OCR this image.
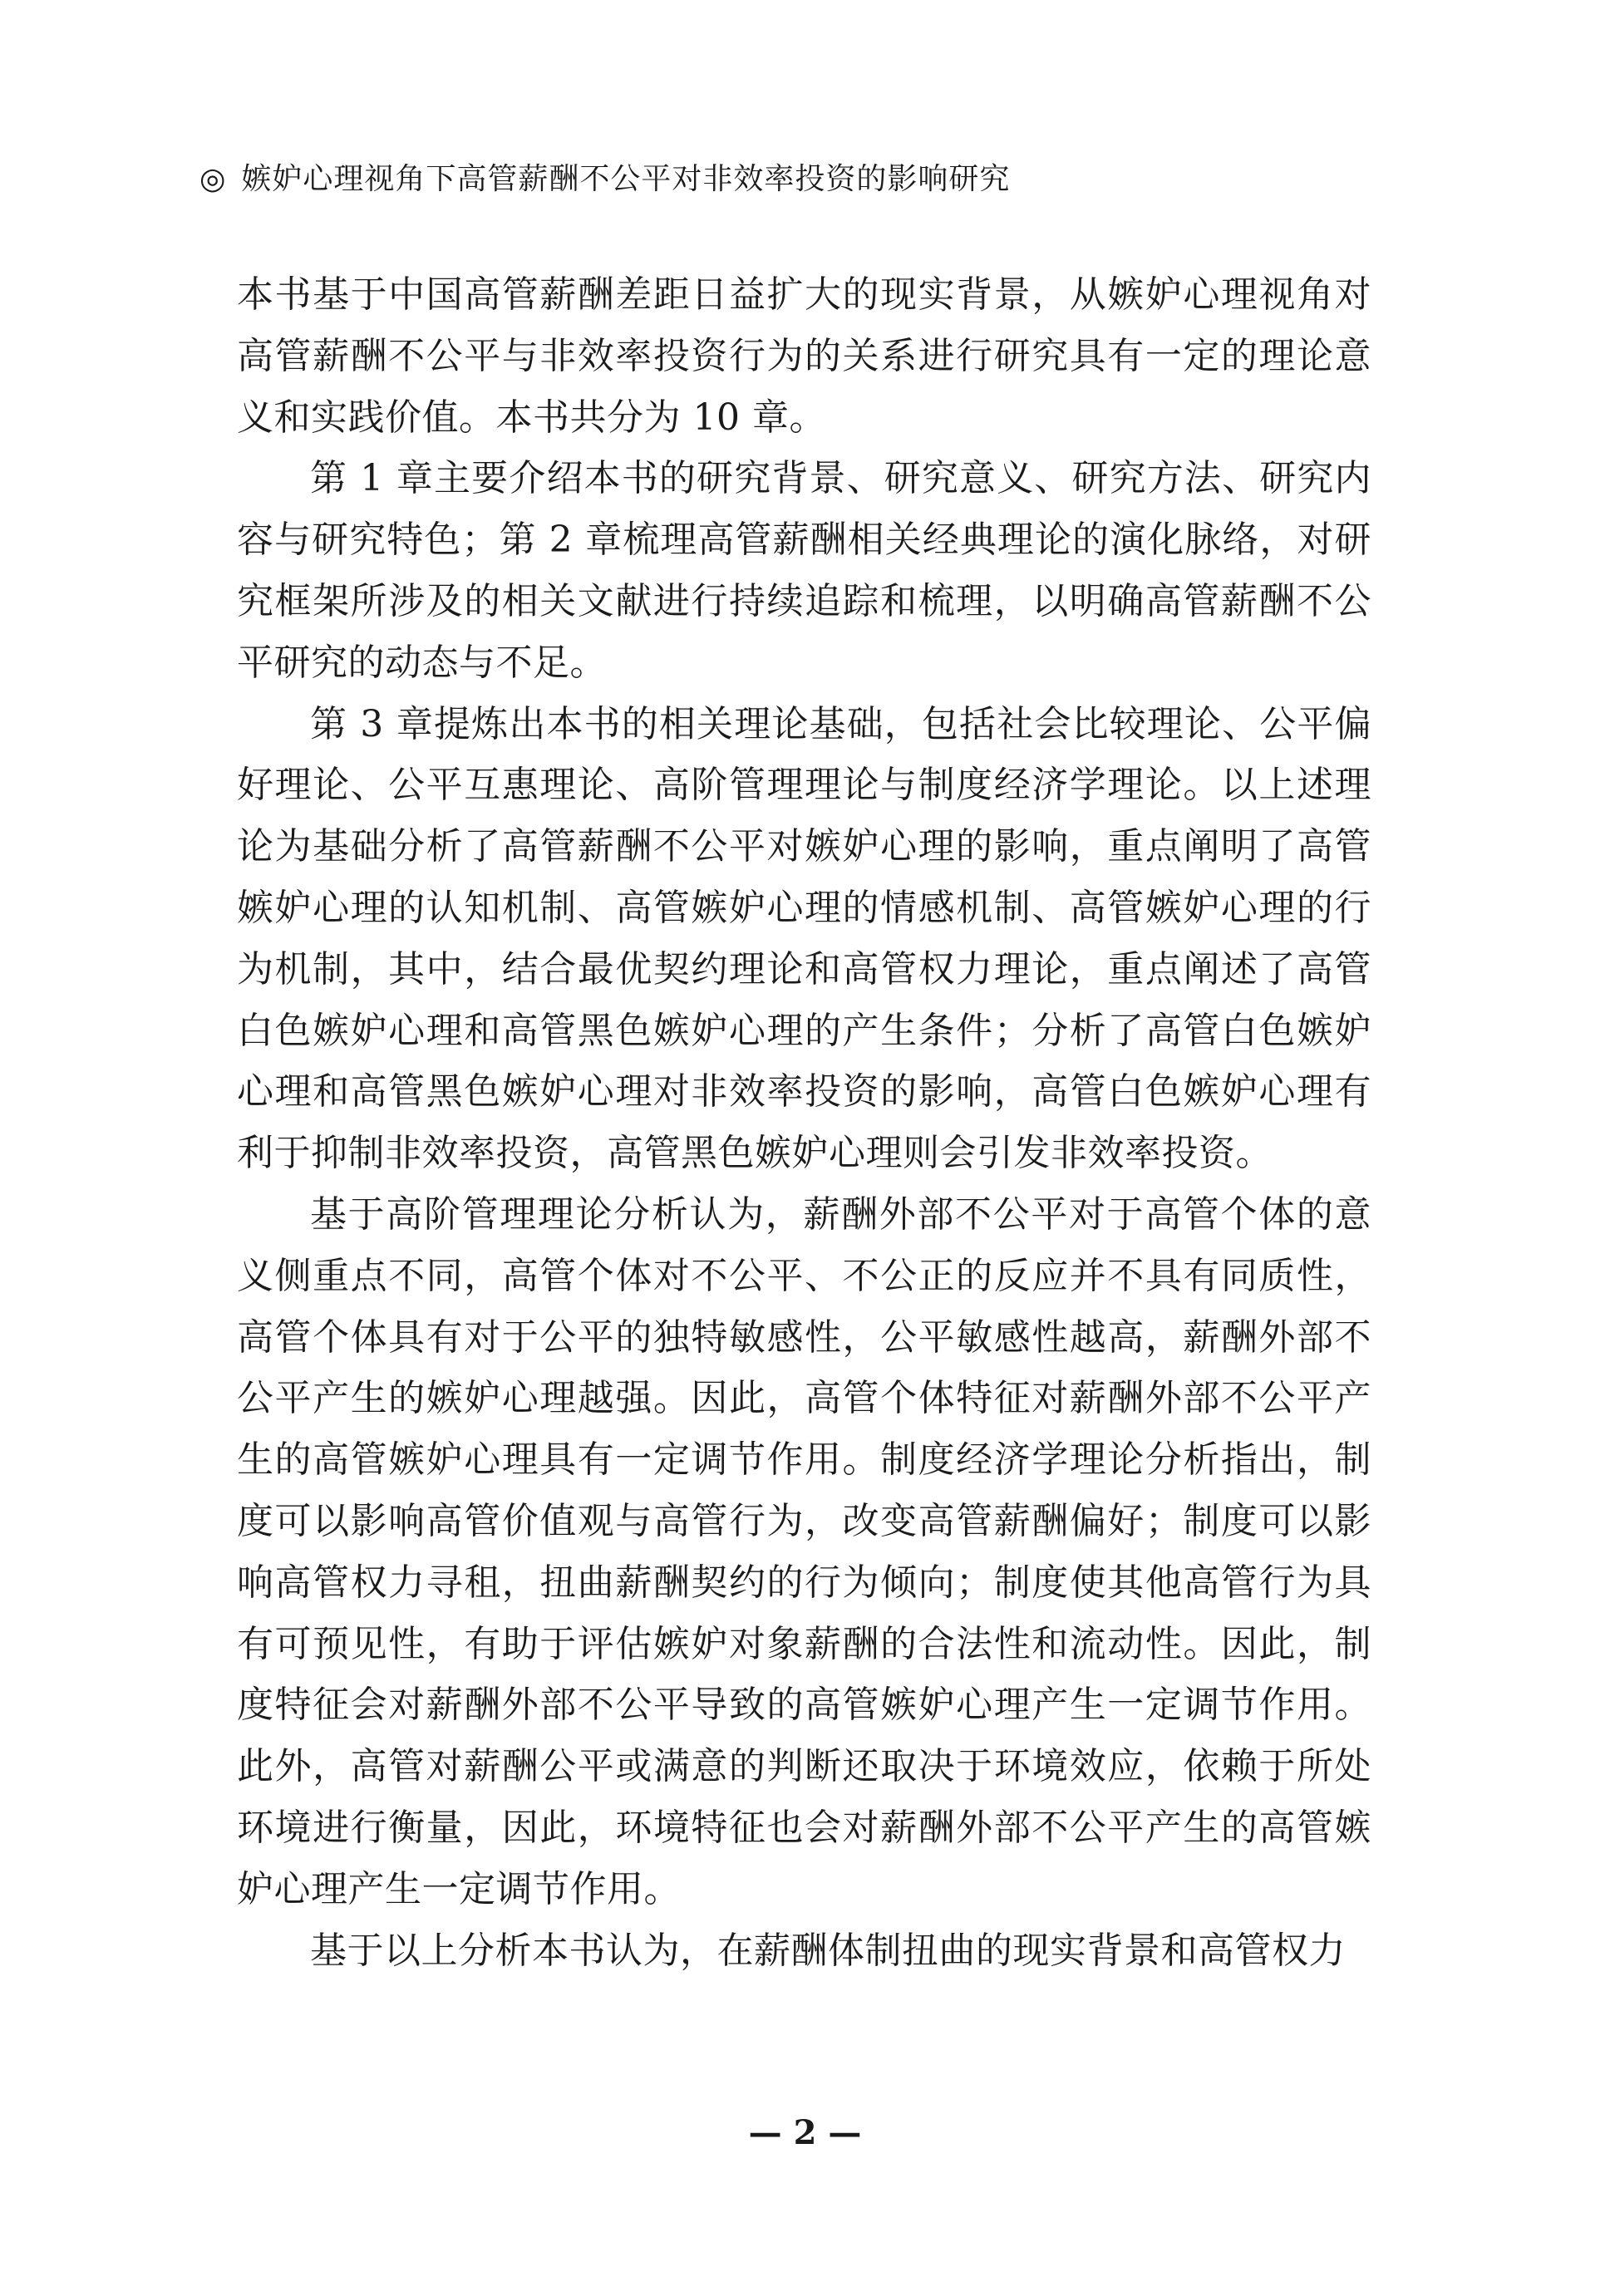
◎ 嫉妒心理视角下高管薪酬不公平对非效率投资的影响研究

本书基于中国高管薪酬差距日益扩大的现实背景，从嫉妒心理视角对高管薪酬不公平与非效率投资行为的关系进行研究具有一定的理论意义和实践价值。本书共分为 10 章。

第 1 章主要介绍本书的研究背景、研究意义、研究方法、研究内容与研究特色；第 2 章梳理高管薪酬相关经典理论的演化脉络，对研究框架所涉及的相关文献进行持续追踪和梳理，以明确高管薪酬不公平研究的动态与不足。

第 3 章提炼出本书的相关理论基础，包括社会比较理论、公平偏好理论、公平互惠理论、高阶管理理论与制度经济学理论。以上述理论为基础分析了高管薪酬不公平对嫉妒心理的影响，重点阐明了高管嫉妒心理的认知机制、高管嫉妒心理的情感机制、高管嫉妒心理的行为机制，其中，结合最优契约理论和高管权力理论，重点阐述了高管白色嫉妒心理和高管黑色嫉妒心理的产生条件；分析了高管白色嫉妒心理和高管黑色嫉妒心理对非效率投资的影响，高管白色嫉妒心理有利于抑制非效率投资，高管黑色嫉妒心理则会引发非效率投资。

基于高阶管理理论分析认为，薪酬外部不公平对于高管个体的意义侧重点不同，高管个体对不公平、不公正的反应并不具有同质性，高管个体具有对于公平的独特敏感性，公平敏感性越高，薪酬外部不公平产生的嫉妒心理越强。因此，高管个体特征对薪酬外部不公平产生的高管嫉妒心理具有一定调节作用。制度经济学理论分析指出，制度可以影响高管价值观与高管行为，改变高管薪酬偏好；制度可以影响高管权力寻租，扭曲薪酬契约的行为倾向；制度使其他高管行为具有可预见性，有助于评估嫉妒对象薪酬的合法性和流动性。因此，制度特征会对薪酬外部不公平导致的高管嫉妒心理产生一定调节作用。此外，高管对薪酬公平或满意的判断还取决于环境效应，依赖于所处环境进行衡量，因此，环境特征也会对薪酬外部不公平产生的高管嫉妒心理产生一定调节作用。

基于以上分析本书认为，在薪酬体制扭曲的现实背景和高管权力

— 2 —
